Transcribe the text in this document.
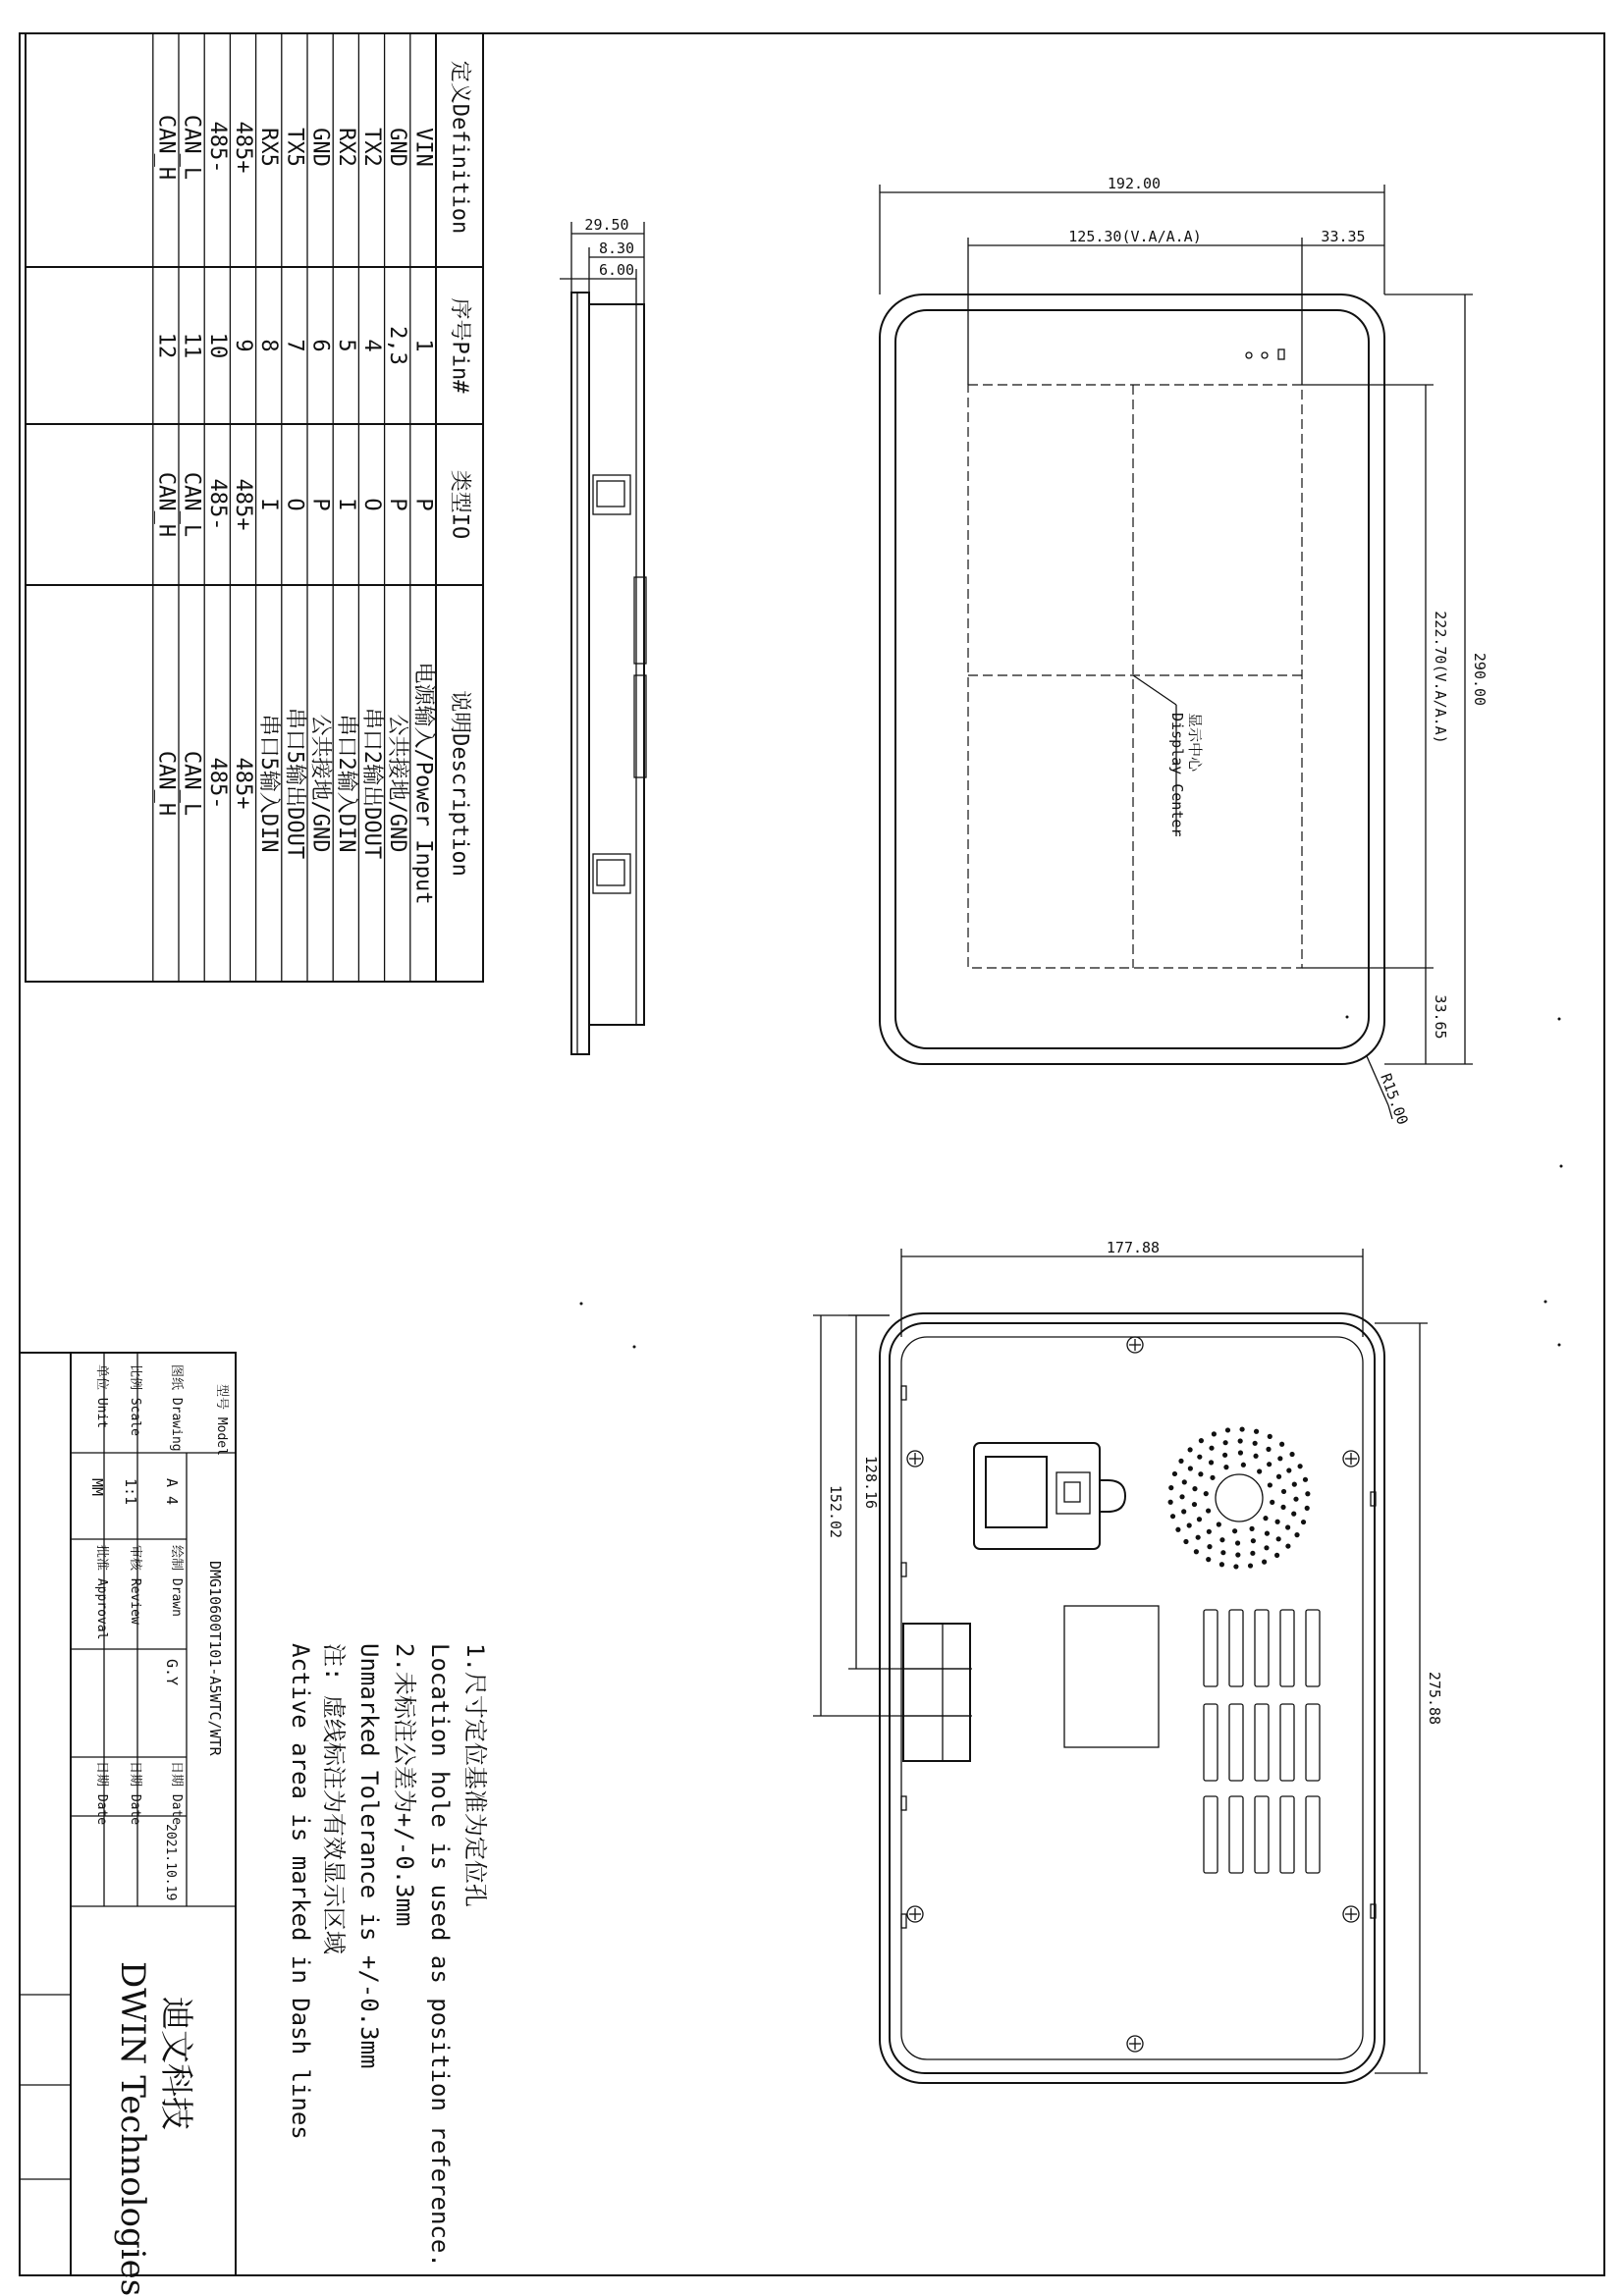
定义Definition
序号Pin#
类型IO
说明Description
VIN
1
P
电源输入/Power Input
GND
2,3
P
公共接地/GND
TX2
4
O
串口2输出DOUT
RX2
5
I
串口2输入DIN
GND
6
P
公共接地/GND
TX5
7
O
串口5输出DOUT
RX5
8
I
串口5输入DIN
485+
9
485+
485+
485-
10
485-
485-
CAN_L
11
CAN_L
CAN_L
CAN_H
12
CAN_H
CAN_H
29.50
8.30
6.00
192.00
125.30(V.A/A.A)	33.35
290.00
222.70(V.A/A.A)
33.65
显示中心
Display Center
R15.00
177.88
275.88
128.16
152.02
1.尺寸定位基准为定位孔
Location hole is used as position reference.
2.未标注公差为+/-0.3mm
Unmarked Tolerance is +/-0.3mm
注: 虚线标注为有效显示区域
Active area is marked in Dash lines
型号 Model
DMG10600T101-A5WTC/WTR
图纸 Drawing
A 4
比例 Scale
1:1
单位 Unit
MM
绘制 Drawn
G.Y
审核 Review
批准 Approval
日期 Date
2021.10.19
日期 Date
日期 Date
迪文科技
DWIN Technologies
